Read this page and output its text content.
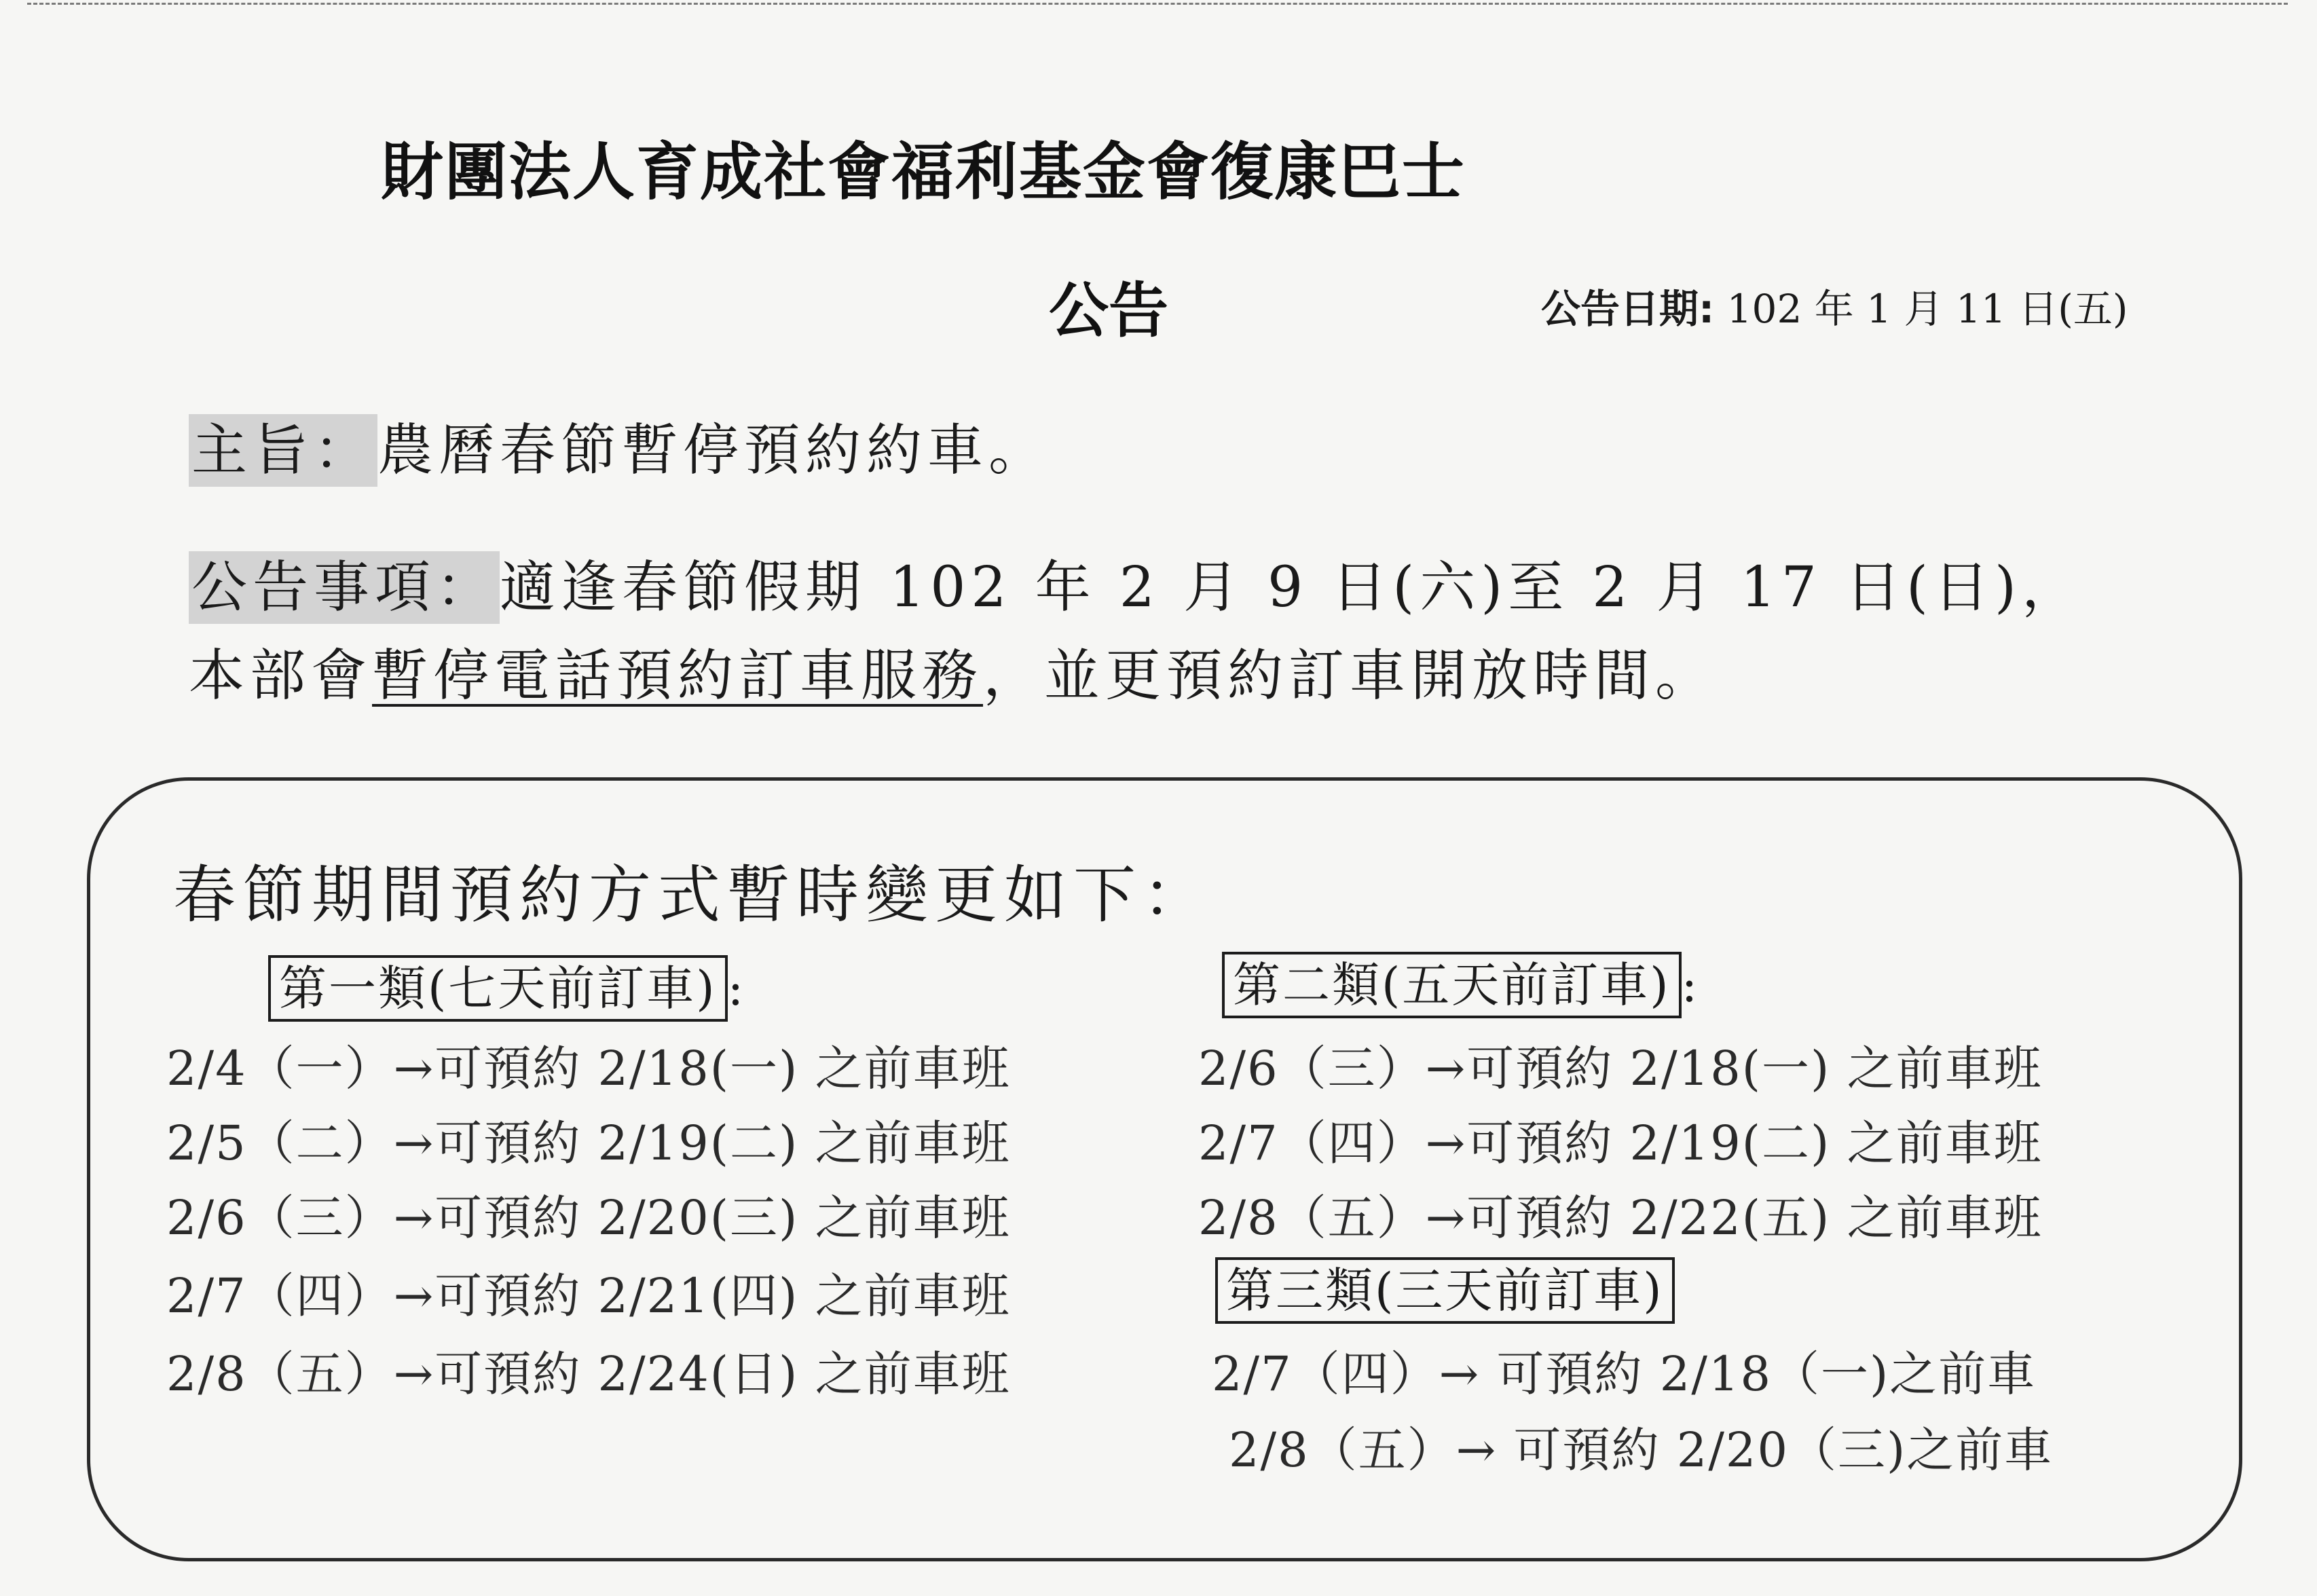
財團法人育成社會福利基金會復康巴士
公告	公告日期: 102 年 1 月 11 日(五)
主旨：農曆春節暫停預約約車。
公告事項：適逢春節假期 102 年 2 月 9 日(六)至 2 月 17 日(日)，
本部會暫停電話預約訂車服務，並更預約訂車開放時間。
春節期間預約方式暫時變更如下：
第一類(七天前訂車) :
2/4（一）→可預約 2/18(一) 之前車班
2/5（二）→可預約 2/19(二) 之前車班
2/6（三）→可預約 2/20(三) 之前車班
2/7（四）→可預約 2/21(四) 之前車班
2/8（五）→可預約 2/24(日) 之前車班
第二類(五天前訂車) :
2/6（三）→可預約 2/18(一) 之前車班
2/7（四）→可預約 2/19(二) 之前車班
2/8（五）→可預約 2/22(五) 之前車班
第三類(三天前訂車)
2/7（四）→ 可預約 2/18（一)之前車
2/8（五）→ 可預約 2/20（三)之前車
